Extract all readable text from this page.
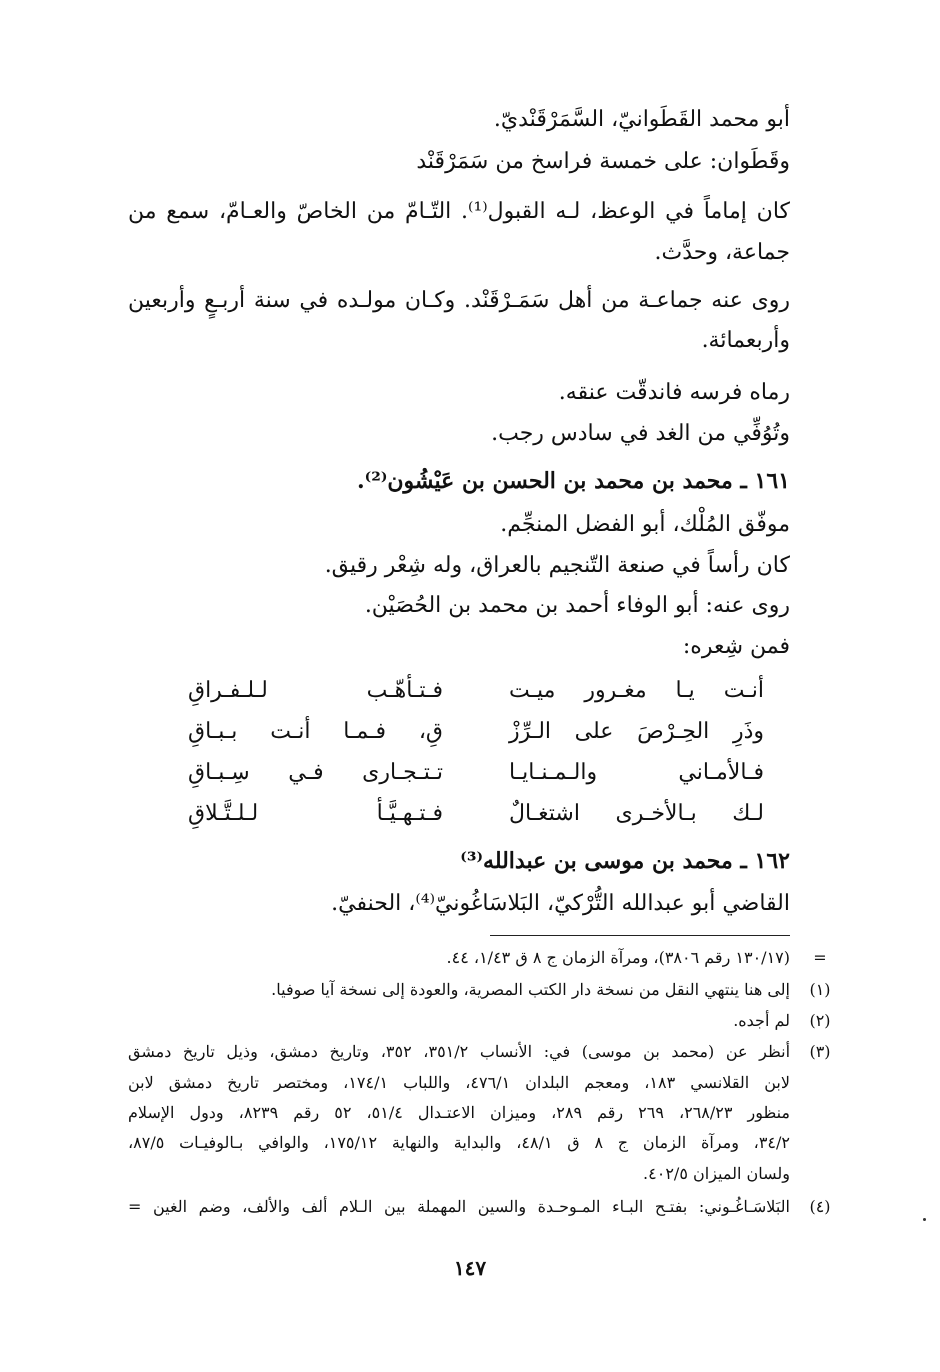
أبو محمد القَطَوانيّ، السَّمَرْقَنْديّ.
وقَطَوان: على خمسة فراسخ من سَمَرْقَنْد
كان إماماً في الوعظ، لـه القبول⁽¹⁾. التّـامّ من الخاصّ والعـامّ، سمع من
جماعة، وحدَّث.
روى عنه جماعـة من أهل سَمَـرْقَنْد. وكـان مولـده في سنة أربـعٍ وأربعين
وأربعمائة.
رماه فرسه فاندقّت عنقه.
وتُوُفِّي من الغد في سادس رجب.
١٦١ ـ محمد بن محمد بن الحسن بن عَيْشُون⁽²⁾.
موفّق المُلْك، أبو الفضل المنجِّم.
كان رأساً في صنعة التّنجيم بالعراق، وله شِعْر رقيق.
روى عنه: أبو الوفاء أحمد بن محمد بن الحُصَيْن.
فمن شِعره:
أنـت يـا مغـرور ميـت
فـتـأهّـب لـلـفـراقِ
وذَرِ الحِـرْصَ على الـرِّزْ
قِ، فـمـا أنـت بـبـاقِ
فـالأمـاني والـمـنـايـا
تـتـجـارى فـي سِـبـاقِ
لـك بـالأخـرى اشتغـالٌ
فـتـهـيَّـأ لـلـتَّـلاقِ
١٦٢ ـ محمد بن موسى بن عبدالله⁽³⁾
القاضي أبو عبدالله التُّرْكيّ، البَلاسَاغُونيّ⁽⁴⁾، الحنفيّ.
=
(١٣٠/١٧ رقم ٣٨٠٦)، ومرآة الزمان ج ٨ ق ١/٤٣، ٤٤.
(١)
إلى هنا ينتهي النقل من نسخة دار الكتب المصرية، والعودة إلى نسخة آيا صوفيا.
(٢)
لم أجده.
(٣)
أنظر عن (محمد بن موسى) في: الأنساب ٣٥١/٢، ٣٥٢، وتاريخ دمشق، وذيل تاريخ دمشق
لابن القلانسي ١٨٣، ومعجم البلدان ٤٧٦/١، واللباب ١٧٤/١، ومختصر تاريخ دمشق لابن
منظور ٢٦٨/٢٣، ٢٦٩ رقم ٢٨٩، وميزان الاعتـدال ٥١/٤، ٥٢ رقم ٨٢٣٩، ودول الإسلام
٣٤/٢، ومرآة الزمان ج ٨ ق ٤٨/١، والبداية والنهاية ١٧٥/١٢، والوافي بـالوفيـات ٨٧/٥،
ولسان الميزان ٤٠٢/٥.
(٤)
البَلاسَـاغُـوني: بفتـح البـاء المـوحـدة والسين المهملة بين الـلام ألف والألف، وضم الغين =
١٤٧
